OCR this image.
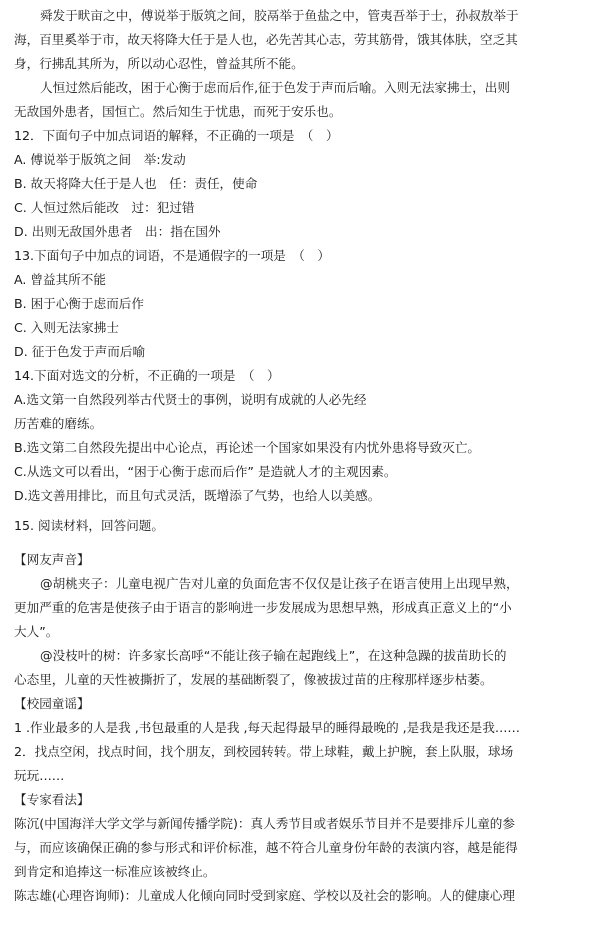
舜发于畎亩之中，傅说举于版筑之间，胶鬲举于鱼盐之中，管夷吾举于士，孙叔敖举于
海，百里奚举于市，故天将降大任于是人也，必先苦其心志，劳其筋骨，饿其体肤，空乏其
身，行拂乱其所为，所以动心忍性，曾益其所不能。
人恒过然后能改，困于心衡于虑而后作,征于色发于声而后喻。入则无法家拂士，出则
无敌国外患者，国恒亡。然后知生于忧患，而死于安乐也。
12．下面句子中加点词语的解释，不正确的一项是　（　）
A. 傅说举于版筑之间　举:发动
B. 故天将降大任于是人也　任：责任，使命
C. 人恒过然后能改　过：犯过错
D. 出则无敌国外患者　出：指在国外
13.下面句子中加点的词语，不是通假字的一项是　（　）
A. 曾益其所不能
B. 困于心衡于虑而后作
C. 入则无法家拂士
D. 征于色发于声而后喻
14.下面对选文的分析，不正确的一项是　（　）
A.选文第一自然段列举古代贤士的事例，说明有成就的人必先经
历苦难的磨练。
B.选文第二自然段先提出中心论点，再论述一个国家如果没有内忧外患将导致灭亡。
C.从选文可以看出，“困于心衡于虑而后作” 是造就人才的主观因素。
D.选文善用排比，而且句式灵活，既增添了气势，也给人以美感。
15. 阅读材料，回答问题。
【网友声音】
@胡桃夹子：儿童电视广告对儿童的负面危害不仅仅是让孩子在语言使用上出现早熟，
更加严重的危害是使孩子由于语言的影响进一步发展成为思想早熟，形成真正意义上的“小
大人”。
@没枝叶的树：许多家长高呼“不能让孩子输在起跑线上”，在这种急躁的拔苗助长的
心态里，儿童的天性被撕折了，发展的基础断裂了，像被拔过苗的庄稼那样逐步枯萎。
【校园童谣】
1 .作业最多的人是我 ,书包最重的人是我 ,每天起得最早的睡得最晚的 ,是我是我还是我……
2．找点空闲，找点时间，找个朋友，到校园转转。带上球鞋，戴上护腕，套上队服，球场
玩玩……
【专家看法】
陈沉(中国海洋大学文学与新闻传播学院)：真人秀节目或者娱乐节目并不是要排斥儿童的参
与，而应该确保正确的参与形式和评价标准，越不符合儿童身份年龄的表演内容，越是能得
到肯定和追捧这一标准应该被终止。
陈志雄(心理咨询师)：儿童成人化倾向同时受到家庭、学校以及社会的影响。人的健康心理
